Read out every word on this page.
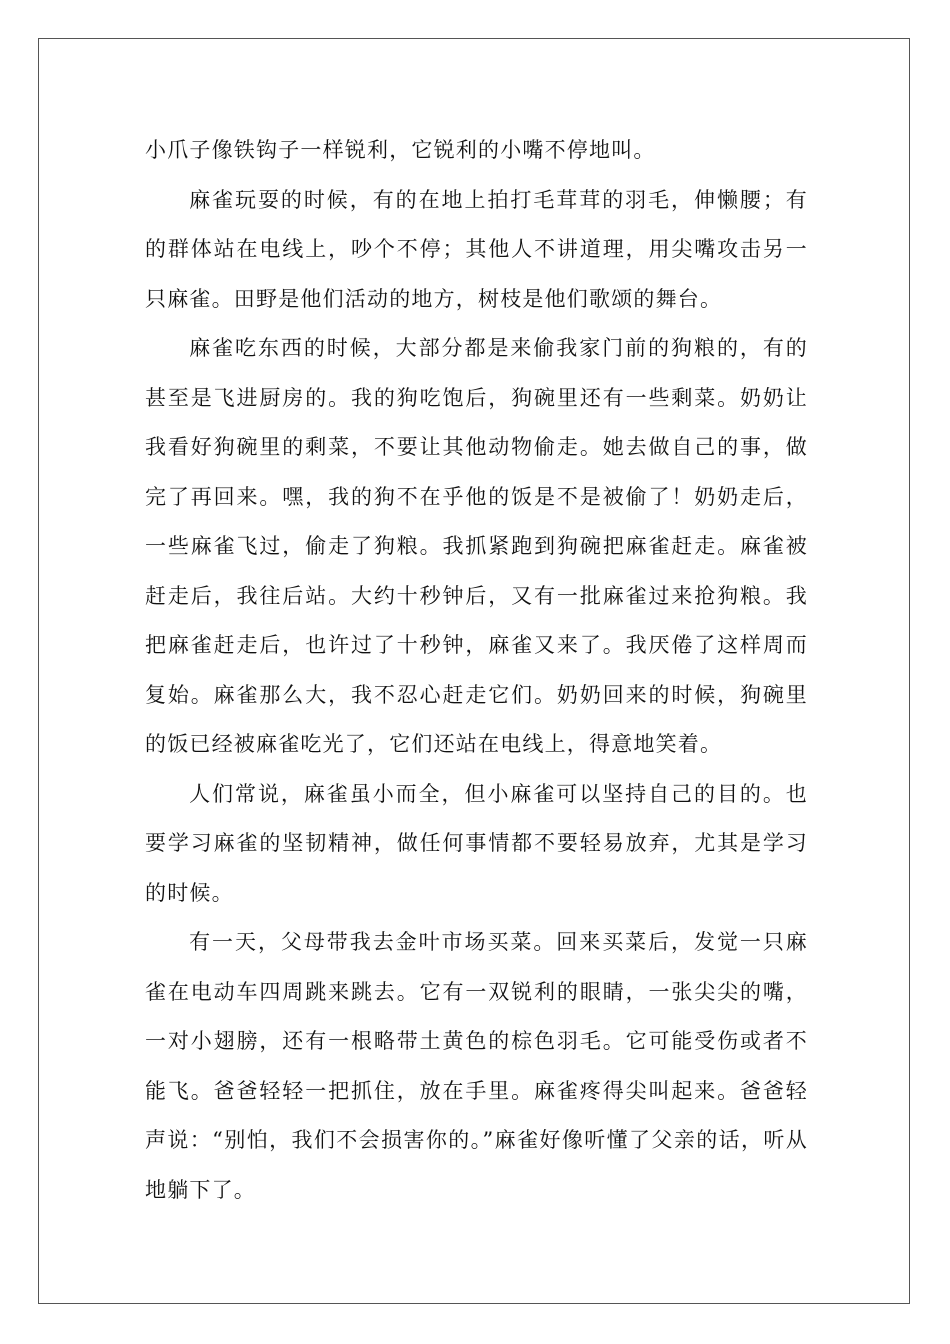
小爪子像铁钩子一样锐利，它锐利的小嘴不停地叫。

麻雀玩耍的时候，有的在地上拍打毛茸茸的羽毛，伸懒腰；有的群体站在电线上，吵个不停；其他人不讲道理，用尖嘴攻击另一只麻雀。田野是他们活动的地方，树枝是他们歌颂的舞台。

麻雀吃东西的时候，大部分都是来偷我家门前的狗粮的，有的甚至是飞进厨房的。我的狗吃饱后，狗碗里还有一些剩菜。奶奶让我看好狗碗里的剩菜，不要让其他动物偷走。她去做自己的事，做完了再回来。嘿，我的狗不在乎他的饭是不是被偷了！奶奶走后，一些麻雀飞过，偷走了狗粮。我抓紧跑到狗碗把麻雀赶走。麻雀被赶走后，我往后站。大约十秒钟后，又有一批麻雀过来抢狗粮。我把麻雀赶走后，也许过了十秒钟，麻雀又来了。我厌倦了这样周而复始。麻雀那么大，我不忍心赶走它们。奶奶回来的时候，狗碗里的饭已经被麻雀吃光了，它们还站在电线上，得意地笑着。

人们常说，麻雀虽小而全，但小麻雀可以坚持自己的目的。也要学习麻雀的坚韧精神，做任何事情都不要轻易放弃，尤其是学习的时候。

有一天，父母带我去金叶市场买菜。回来买菜后，发觉一只麻雀在电动车四周跳来跳去。它有一双锐利的眼睛，一张尖尖的嘴，一对小翅膀，还有一根略带土黄色的棕色羽毛。它可能受伤或者不能飞。爸爸轻轻一把抓住，放在手里。麻雀疼得尖叫起来。爸爸轻声说：“别怕，我们不会损害你的。”麻雀好像听懂了父亲的话，听从地躺下了。
